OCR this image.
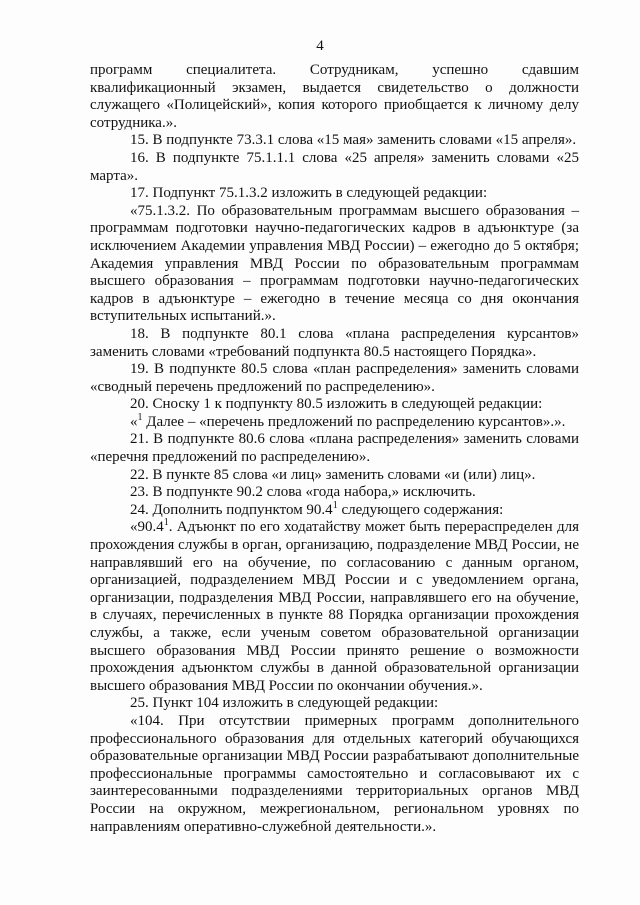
4

программ специалитета. Сотрудникам, успешно сдавшим квалификационный экзамен, выдается свидетельство о должности служащего «Полицейский», копия которого приобщается к личному делу сотрудника.».

15. В подпункте 73.3.1 слова «15 мая» заменить словами «15 апреля».

16. В подпункте 75.1.1.1 слова «25 апреля» заменить словами «25 марта».

17. Подпункт 75.1.3.2 изложить в следующей редакции:

«75.1.3.2. По образовательным программам высшего образования – программам подготовки научно-педагогических кадров в адъюнктуре (за исключением Академии управления МВД России) – ежегодно до 5 октября; Академия управления МВД России по образовательным программам высшего образования – программам подготовки научно-педагогических кадров в адъюнктуре – ежегодно в течение месяца со дня окончания вступительных испытаний.».

18. В подпункте 80.1 слова «плана распределения курсантов» заменить словами «требований подпункта 80.5 настоящего Порядка».

19. В подпункте 80.5 слова «план распределения» заменить словами «сводный перечень предложений по распределению».

20. Сноску 1 к подпункту 80.5 изложить в следующей редакции:

«$^1$ Далее – «перечень предложений по распределению курсантов».».

21. В подпункте 80.6 слова «плана распределения» заменить словами «перечня предложений по распределению».

22. В пункте 85 слова «и лиц» заменить словами «и (или) лиц».

23. В подпункте 90.2 слова «года набора,» исключить.

24. Дополнить подпунктом 90.4$^1$ следующего содержания:

«90.4$^1$. Адъюнкт по его ходатайству может быть перераспределен для прохождения службы в орган, организацию, подразделение МВД России, не направлявший его на обучение, по согласованию с данным органом, организацией, подразделением МВД России и с уведомлением органа, организации, подразделения МВД России, направлявшего его на обучение, в случаях, перечисленных в пункте 88 Порядка организации прохождения службы, а также, если ученым советом образовательной организации высшего образования МВД России принято решение о возможности прохождения адъюнктом службы в данной образовательной организации высшего образования МВД России по окончании обучения.».

25. Пункт 104 изложить в следующей редакции:

«104. При отсутствии примерных программ дополнительного профессионального образования для отдельных категорий обучающихся образовательные организации МВД России разрабатывают дополнительные профессиональные программы самостоятельно и согласовывают их с заинтересованными подразделениями территориальных органов МВД России на окружном, межрегиональном, региональном уровнях по направлениям оперативно-служебной деятельности.».
